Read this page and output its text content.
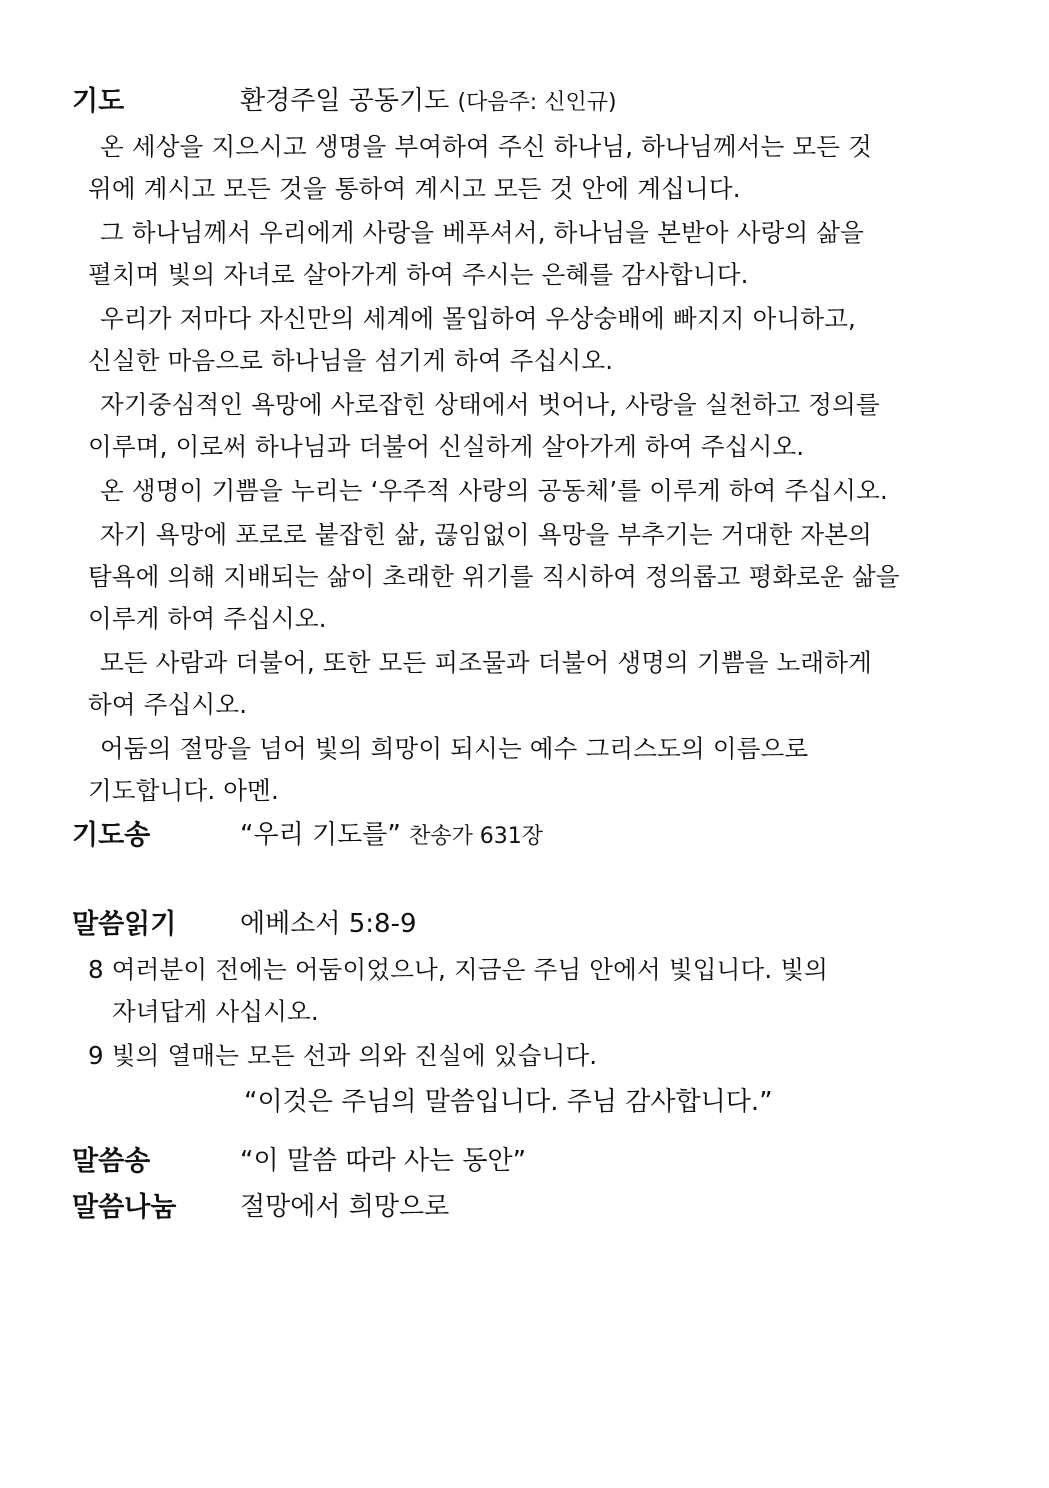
기도	환경주일 공동기도 (다음주: 신인규)
온 세상을 지으시고 생명을 부여하여 주신 하나님, 하나님께서는 모든 것
위에 계시고 모든 것을 통하여 계시고 모든 것 안에 계십니다.
그 하나님께서 우리에게 사랑을 베푸셔서, 하나님을 본받아 사랑의 삶을
펼치며 빛의 자녀로 살아가게 하여 주시는 은혜를 감사합니다.
우리가 저마다 자신만의 세계에 몰입하여 우상숭배에 빠지지 아니하고,
신실한 마음으로 하나님을 섬기게 하여 주십시오.
자기중심적인 욕망에 사로잡힌 상태에서 벗어나, 사랑을 실천하고 정의를
이루며, 이로써 하나님과 더불어 신실하게 살아가게 하여 주십시오.
온 생명이 기쁨을 누리는 ‘우주적 사랑의 공동체’를 이루게 하여 주십시오.
자기 욕망에 포로로 붙잡힌 삶, 끊임없이 욕망을 부추기는 거대한 자본의
탐욕에 의해 지배되는 삶이 초래한 위기를 직시하여 정의롭고 평화로운 삶을
이루게 하여 주십시오.
모든 사람과 더불어, 또한 모든 피조물과 더불어 생명의 기쁨을 노래하게
하여 주십시오.
어둠의 절망을 넘어 빛의 희망이 되시는 예수 그리스도의 이름으로
기도합니다. 아멘.
기도송	“우리 기도를” 찬송가 631장
말씀읽기 에베소서 5:8-9
8 여러분이 전에는 어둠이었으나, 지금은 주님 안에서 빛입니다. 빛의
자녀답게 사십시오.
9 빛의 열매는 모든 선과 의와 진실에 있습니다.
“이것은 주님의 말씀입니다. 주님 감사합니다.”
말씀송	“이 말씀 따라 사는 동안”
말씀나눔 절망에서 희망으로
